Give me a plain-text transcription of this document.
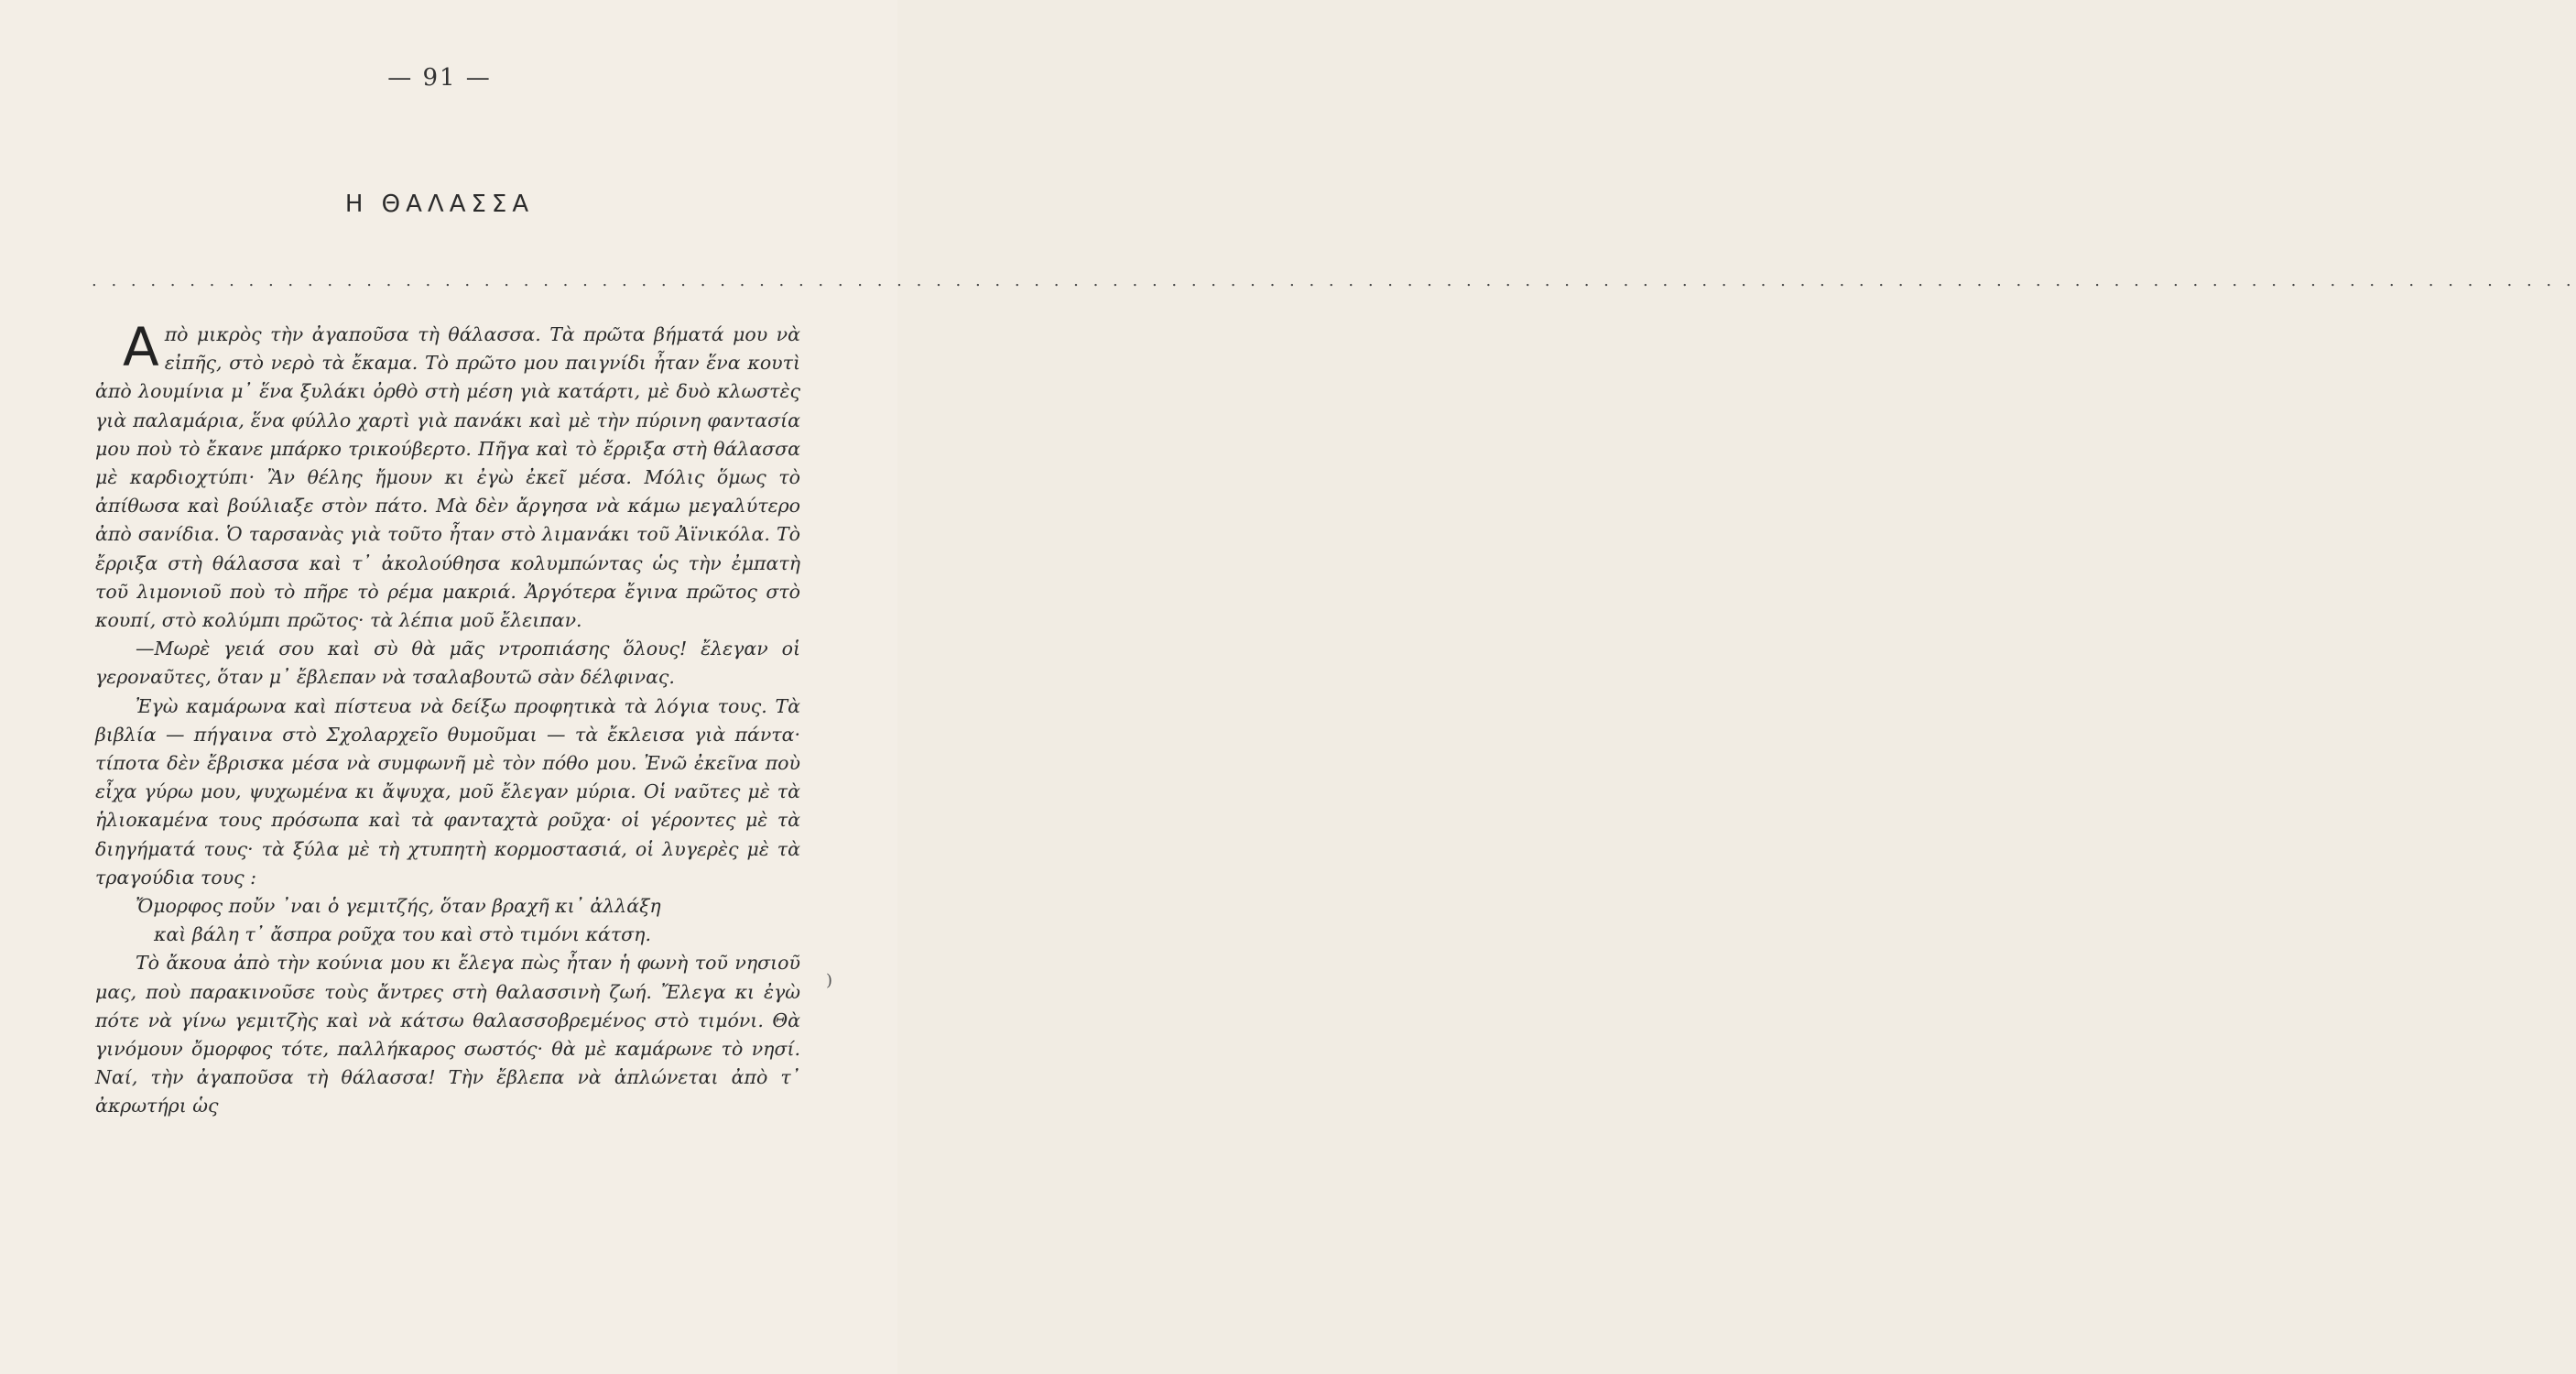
— 91 —
Η ΘΑΛΑΣΣΑ
. . . . . . . . . . . . . . . . . . . . . . . . . . . . . . . . . . . . . . . . . . . . . . . . . . . . . . . . . . . . . . . . . . . . . . . . . . . . . . . . . . . . . . . . . . . . . . . . . . . . . . . . . . . . . . . . . . . . . . . . . . . . . . .

Απὸ μικρὸς τὴν ἀγαποῦσα τὴ θάλασσα. Τὰ πρῶτα βήματά μου νὰ εἰπῆς, στὸ νερὸ τὰ ἔκαμα. Τὸ πρῶτο μου παιγνίδι ἦταν ἕνα κουτὶ ἀπὸ λουμίνια μ᾿ ἕνα ξυλάκι ὀρθὸ στὴ μέση γιὰ κατάρτι, μὲ δυὸ κλωστὲς γιὰ παλαμάρια, ἕνα φύλλο χαρτὶ γιὰ πανάκι καὶ μὲ τὴν πύρινη φαντασία μου ποὺ τὸ ἔκανε μπάρκο τρικούβερτο. Πῆγα καὶ τὸ ἔρριξα στὴ θάλασσα μὲ καρδιοχτύπι· Ἂν θέλης ἤμουν κι ἐγὼ ἐκεῖ μέσα. Μόλις ὅμως τὸ ἀπίθωσα καὶ βούλιαξε στὸν πάτο. Μὰ δὲν ἄργησα νὰ κάμω μεγαλύτερο ἀπὸ σανίδια. Ὁ ταρσανὰς γιὰ τοῦτο ἦταν στὸ λιμανάκι τοῦ Ἀϊνικόλα. Τὸ ἔρριξα στὴ θάλασσα καὶ τ᾿ ἀκολούθησα κολυμπώντας ὡς τὴν ἐμπατὴ τοῦ λιμονιοῦ ποὺ τὸ πῆρε τὸ ρέμα μακριά. Ἀργότερα ἔγινα πρῶτος στὸ κουπί, στὸ κολύμπι πρῶτος· τὰ λέπια μοῦ ἔλειπαν.

—Μωρὲ γειά σου καὶ σὺ θὰ μᾶς ντροπιάσης ὅλους! ἔλεγαν οἱ γεροναῦτες, ὅταν μ᾿ ἔβλεπαν νὰ τσαλαβουτῶ σὰν δέλφινας.

Ἐγὼ καμάρωνα καὶ πίστευα νὰ δείξω προφητικὰ τὰ λόγια τους. Τὰ βιβλία — πήγαινα στὸ Σχολαρχεῖο θυμοῦμαι — τὰ ἔκλεισα γιὰ πάντα· τίποτα δὲν ἔβρισκα μέσα νὰ συμφωνῆ μὲ τὸν πόθο μου. Ἐνῶ ἐκεῖνα ποὺ εἶχα γύρω μου, ψυχωμένα κι ἄψυχα, μοῦ ἔλεγαν μύρια. Οἱ ναῦτες μὲ τὰ ἡλιοκαμένα τους πρόσωπα καὶ τὰ φανταχτὰ ροῦχα· οἱ γέροντες μὲ τὰ διηγήματά τους· τὰ ξύλα μὲ τὴ χτυπητὴ κορμοστασιά, οἱ λυγερὲς μὲ τὰ τραγούδια τους :

Ὄμορφος ποὔν ᾿ναι ὁ γεμιτζής, ὅταν βραχῆ κι᾿ ἀλλάξη
καὶ βάλη τ᾿ ἄσπρα ροῦχα του καὶ στὸ τιμόνι κάτση.

Τὸ ἄκουα ἀπὸ τὴν κούνια μου κι ἔλεγα πὼς ἦταν ἡ φωνὴ τοῦ νησιοῦ μας, ποὺ παρακινοῦσε τοὺς ἄντρες στὴ θαλασσινὴ ζωή. Ἔλεγα κι ἐγὼ πότε νὰ γίνω γεμιτζὴς καὶ νὰ κάτσω θαλασσοβρεμένος στὸ τιμόνι. Θὰ γινόμουν ὄμορφος τότε, παλλήκαρος σωστός· θὰ μὲ καμάρωνε τὸ νησί. Ναί, τὴν ἀγαποῦσα τὴ θάλασσα! Τὴν ἔβλεπα νὰ ἁπλώνεται ἀπὸ τ᾿ ἀκρωτήρι ὡς

)
